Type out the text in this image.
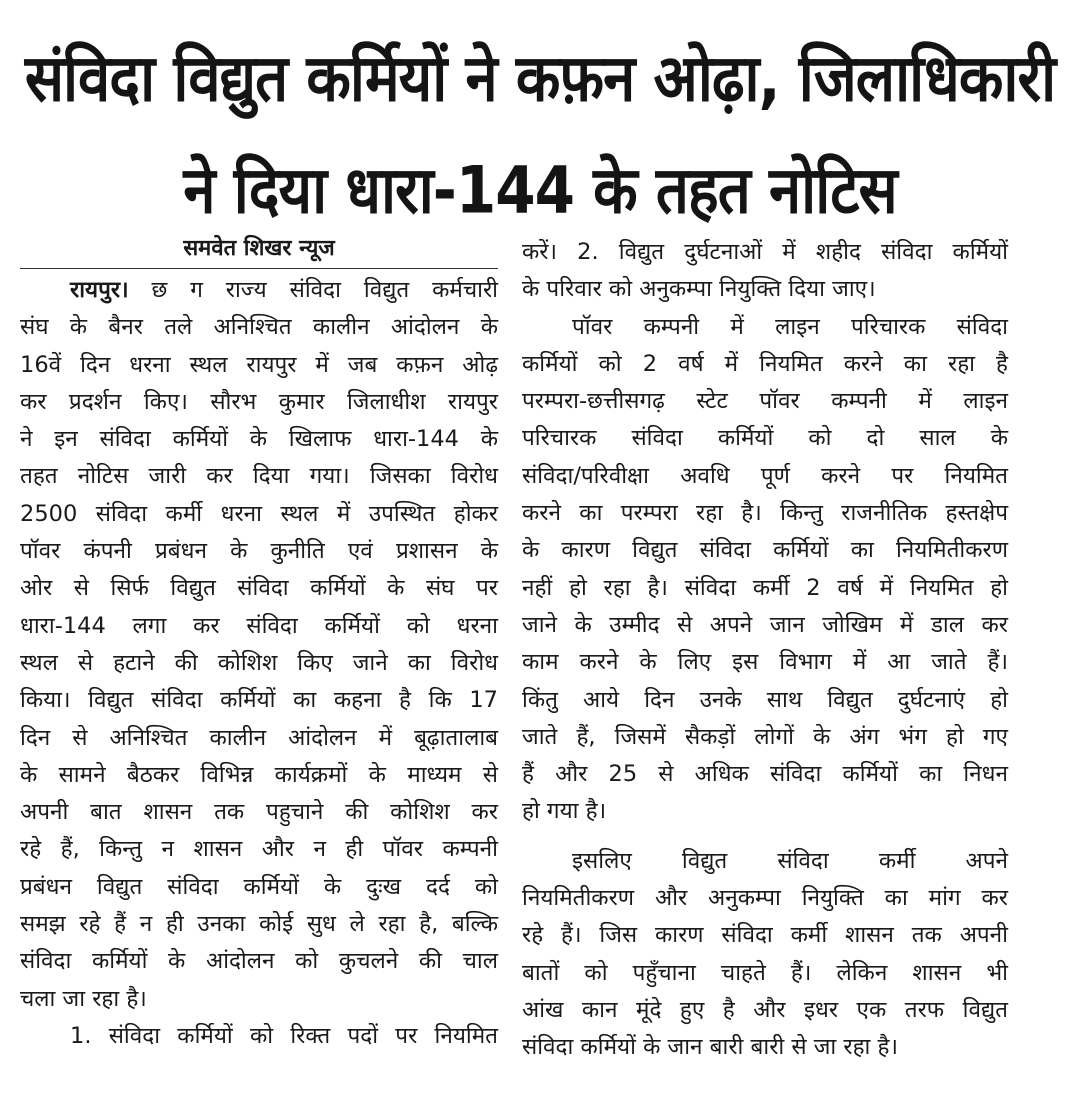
संविदा विद्युत कर्मियों ने कफ़न ओढ़ा, जिलाधिकारी
ने दिया धारा-144 के तहत नोटिस
समवेत शिखर न्यूज
रायपुर। छ ग राज्य संविदा विद्युत कर्मचारी
संघ के बैनर तले अनिश्चित कालीन आंदोलन के
16वें दिन धरना स्थल रायपुर में जब कफ़न ओढ़
कर प्रदर्शन किए। सौरभ कुमार जिलाधीश रायपुर
ने इन संविदा कर्मियों के खिलाफ धारा-144 के
तहत नोटिस जारी कर दिया गया। जिसका विरोध
2500 संविदा कर्मी धरना स्थल में उपस्थित होकर
पॉवर कंपनी प्रबंधन के कुनीति एवं प्रशासन के
ओर से सिर्फ विद्युत संविदा कर्मियों के संघ पर
धारा-144 लगा कर संविदा कर्मियों को धरना
स्थल से हटाने की कोशिश किए जाने का विरोध
किया। विद्युत संविदा कर्मियों का कहना है कि 17
दिन से अनिश्चित कालीन आंदोलन में बूढ़ातालाब
के सामने बैठकर विभिन्न कार्यक्रमों के माध्यम से
अपनी बात शासन तक पहुचाने की कोशिश कर
रहे हैं, किन्तु न शासन और न ही पॉवर कम्पनी
प्रबंधन विद्युत संविदा कर्मियों के दुःख दर्द को
समझ रहे हैं न ही उनका कोई सुध ले रहा है, बल्कि
संविदा कर्मियों के आंदोलन को कुचलने की चाल
चला जा रहा है।
1. संविदा कर्मियों को रिक्त पदों पर नियमित
करें। 2. विद्युत दुर्घटनाओं में शहीद संविदा कर्मियों
के परिवार को अनुकम्पा नियुक्ति दिया जाए।
पॉवर कम्पनी में लाइन परिचारक संविदा
कर्मियों को 2 वर्ष में नियमित करने का रहा है
परम्परा-छत्तीसगढ़ स्टेट पॉवर कम्पनी में लाइन
परिचारक संविदा कर्मियों को दो साल के
संविदा/परिवीक्षा अवधि पूर्ण करने पर नियमित
करने का परम्परा रहा है। किन्तु राजनीतिक हस्तक्षेप
के कारण विद्युत संविदा कर्मियों का नियमितीकरण
नहीं हो रहा है। संविदा कर्मी 2 वर्ष में नियमित हो
जाने के उम्मीद से अपने जान जोखिम में डाल कर
काम करने के लिए इस विभाग में आ जाते हैं।
किंतु आये दिन उनके साथ विद्युत दुर्घटनाएं हो
जाते हैं, जिसमें सैकड़ों लोगों के अंग भंग हो गए
हैं और 25 से अधिक संविदा कर्मियों का निधन
हो गया है।
इसलिए विद्युत संविदा कर्मी अपने
नियमितीकरण और अनुकम्पा नियुक्ति का मांग कर
रहे हैं। जिस कारण संविदा कर्मी शासन तक अपनी
बातों को पहुँचाना चाहते हैं। लेकिन शासन भी
आंख कान मूंदे हुए है और इधर एक तरफ विद्युत
संविदा कर्मियों के जान बारी बारी से जा रहा है।
